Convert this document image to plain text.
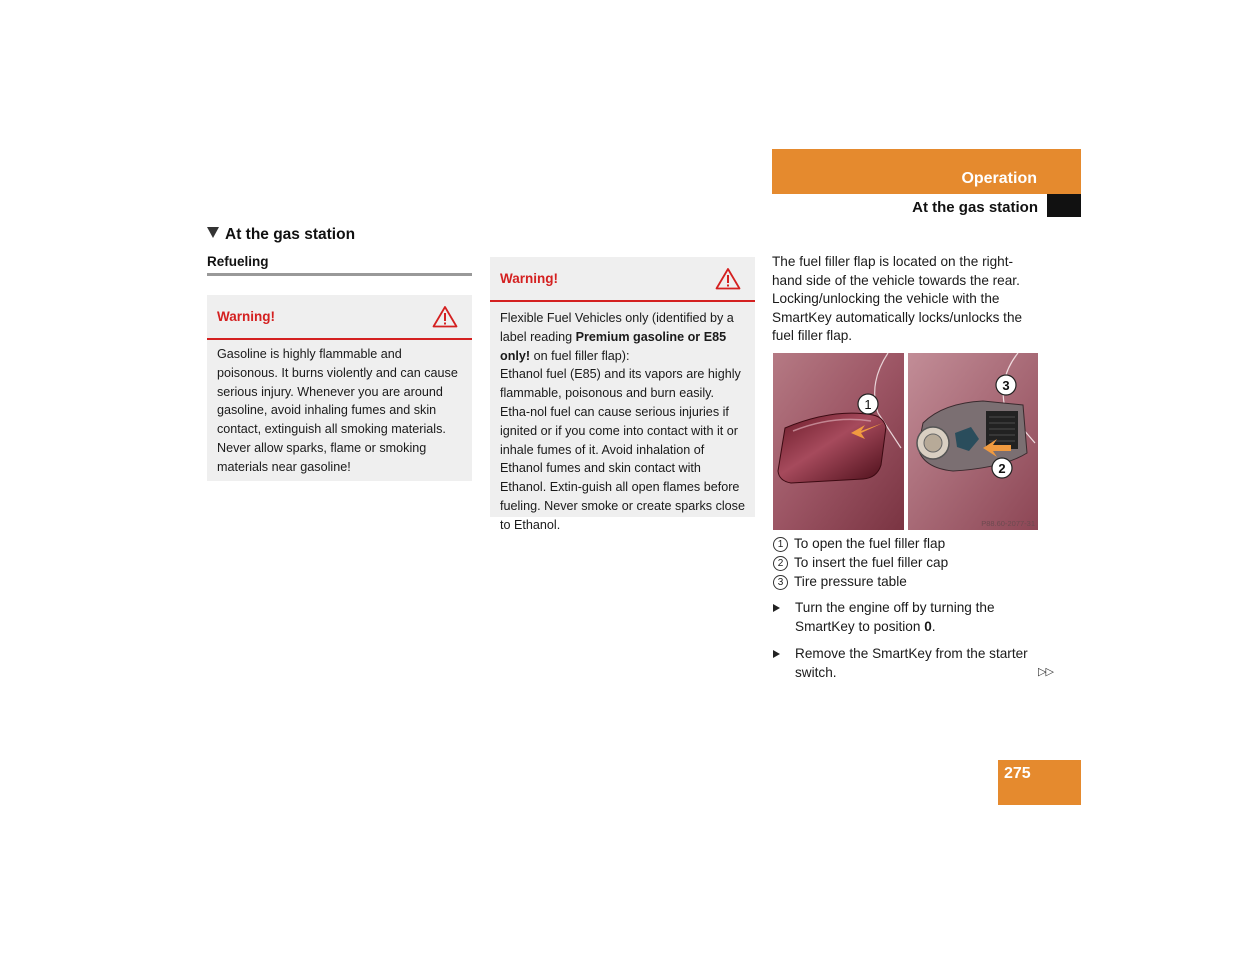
Operation
At the gas station
At the gas station
Refueling
Warning!
Gasoline is highly flammable and poisonous. It burns violently and can cause serious injury. Whenever you are around gasoline, avoid inhaling fumes and skin contact, extinguish all smoking materials. Never allow sparks, flame or smoking materials near gasoline!
Warning!
Flexible Fuel Vehicles only (identified by a label reading Premium gasoline or E85 only! on fuel filler flap):
Ethanol fuel (E85) and its vapors are highly flammable, poisonous and burn easily. Etha-nol fuel can cause serious injuries if ignited or if you come into contact with it or inhale fumes of it. Avoid inhalation of Ethanol fumes and skin contact with Ethanol. Extin-guish all open flames before fueling. Never smoke or create sparks close to Ethanol.
The fuel filler flap is located on the right-hand side of the vehicle towards the rear. Locking/unlocking the vehicle with the SmartKey automatically locks/unlocks the fuel filler flap.
1
3
2
P88.60-2077-31
1 To open the fuel filler flap
2 To insert the fuel filler cap
3 Tire pressure table
Turn the engine off by turning the SmartKey to position 0.
Remove the SmartKey from the starter switch.	▷▷
275
